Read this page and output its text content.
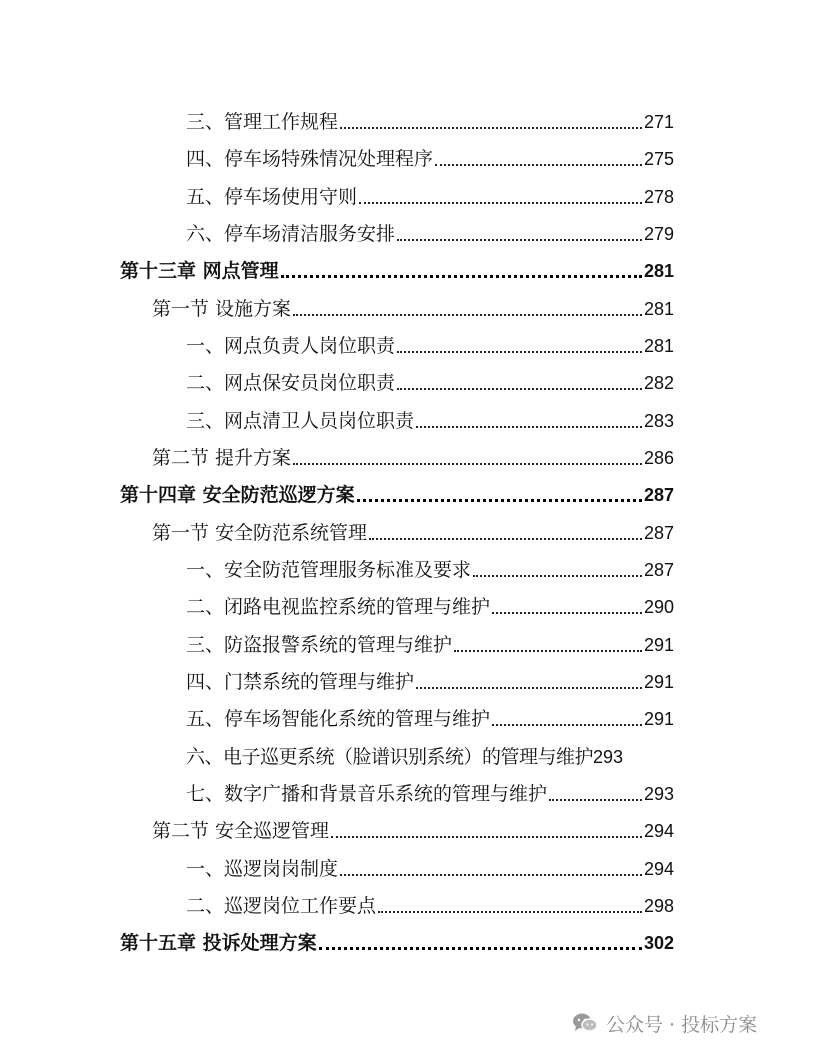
三、管理工作规程	271
四、停车场特殊情况处理程序	275
五、停车场使用守则	278
六、停车场清洁服务安排	279
第十三章 网点管理	281
第一节 设施方案	281
一、网点负责人岗位职责	281
二、网点保安员岗位职责	282
三、网点清卫人员岗位职责	283
第二节 提升方案	286
第十四章 安全防范巡逻方案	287
第一节 安全防范系统管理	287
一、安全防范管理服务标准及要求	287
二、闭路电视监控系统的管理与维护	290
三、防盗报警系统的管理与维护	291
四、门禁系统的管理与维护	291
五、停车场智能化系统的管理与维护	291
六、电子巡更系统（脸谱识别系统）的管理与维护 293
七、数字广播和背景音乐系统的管理与维护	293
第二节 安全巡逻管理	294
一、巡逻岗岗制度	294
二、巡逻岗位工作要点	298
第十五章 投诉处理方案	302
公众号 · 投标方案
